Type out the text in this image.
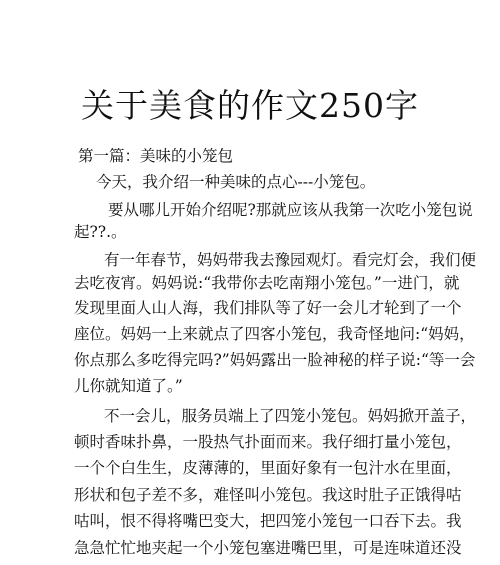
关于美食的作文250字
第一篇：美味的小笼包
今天，我介绍一种美味的点心---小笼包。
要从哪儿开始介绍呢?那就应该从我第一次吃小笼包说
起??.。
有一年春节，妈妈带我去豫园观灯。看完灯会，我们便
去吃夜宵。妈妈说:“我带你去吃南翔小笼包。”一进门，就
发现里面人山人海，我们排队等了好一会儿才轮到了一个
座位。妈妈一上来就点了四客小笼包，我奇怪地问:“妈妈，
你点那么多吃得完吗?”妈妈露出一脸神秘的样子说:“等一会
儿你就知道了。”
不一会儿，服务员端上了四笼小笼包。妈妈掀开盖子，
顿时香味扑鼻，一股热气扑面而来。我仔细打量小笼包，
一个个白生生，皮薄薄的，里面好象有一包汁水在里面，
形状和包子差不多，难怪叫小笼包。我这时肚子正饿得咕
咕叫，恨不得将嘴巴变大，把四笼小笼包一口吞下去。我
急急忙忙地夹起一个小笼包塞进嘴巴里，可是连味道还没
